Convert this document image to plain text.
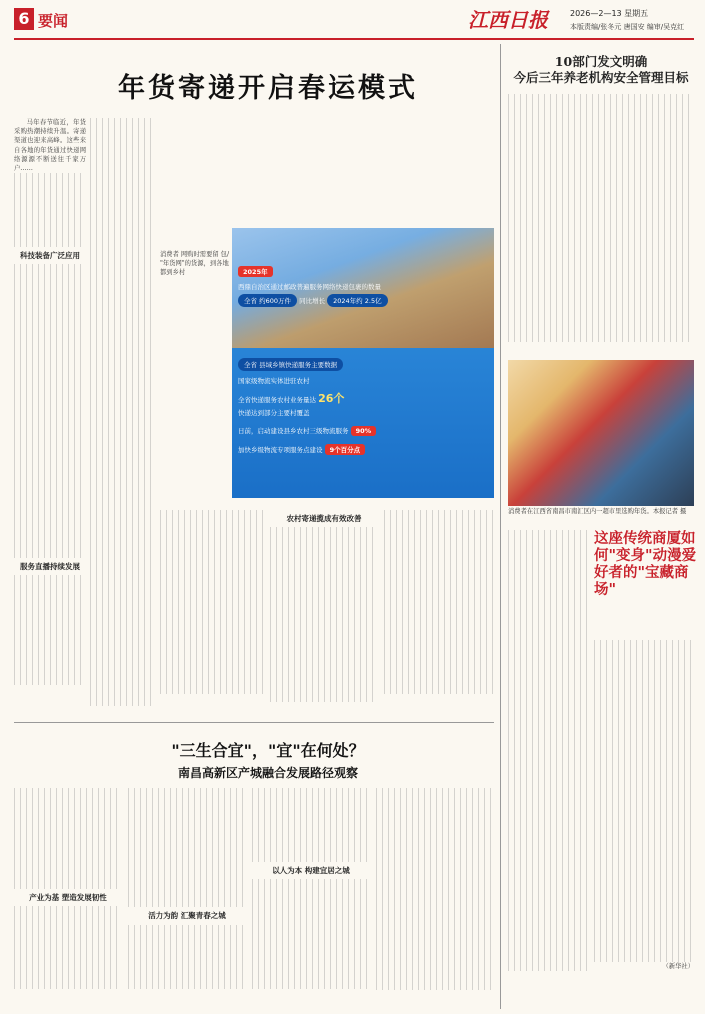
6 要闻	江西日报	2026—2—13 星期五
本版责编/张冬元 唐国安 编审/吴克红
年货寄递开启春运模式

马年春节临近，年货采购热潮持续升温。寄递渠道也迎来高峰。这些来自各地的年货通过快递网络源源不断送往千家万户……

科技装备广泛应用

服务直播持续发展

消费者 网购时需要留 包/ "年货网"的货源，到各地 都到乡村	2025年
西鼎自治区通过邮政普遍服务网络快递包裹的数量
全省 约600万件 同比增长 2024年约 2.5亿
全省 县域乡镇快递服务主要数据
国家级物流实体进驻农村
全省快递服务农村业务量达 26个
快递达到部分主要村覆盖
日前，启动建设县乡农村三级物流服务 90%
加快乡级物流专项服务点建设 9个百分点

农村寄递揽成有效改善

"三生合宜"，"宜"在何处？
南昌高新区产城融合发展路径观察

产业为基 塑造发展韧性

活力为韵 汇聚青春之城

以人为本 构建宜居之城

10部门发文明确
今后三年养老机构安全管理目标
消费者在江西省南昌市南汇区内一超市里选购年货。本报记者 摄
这座传统商厦如何"变身"动漫爱好者的"宝藏商场"

（新华社）
